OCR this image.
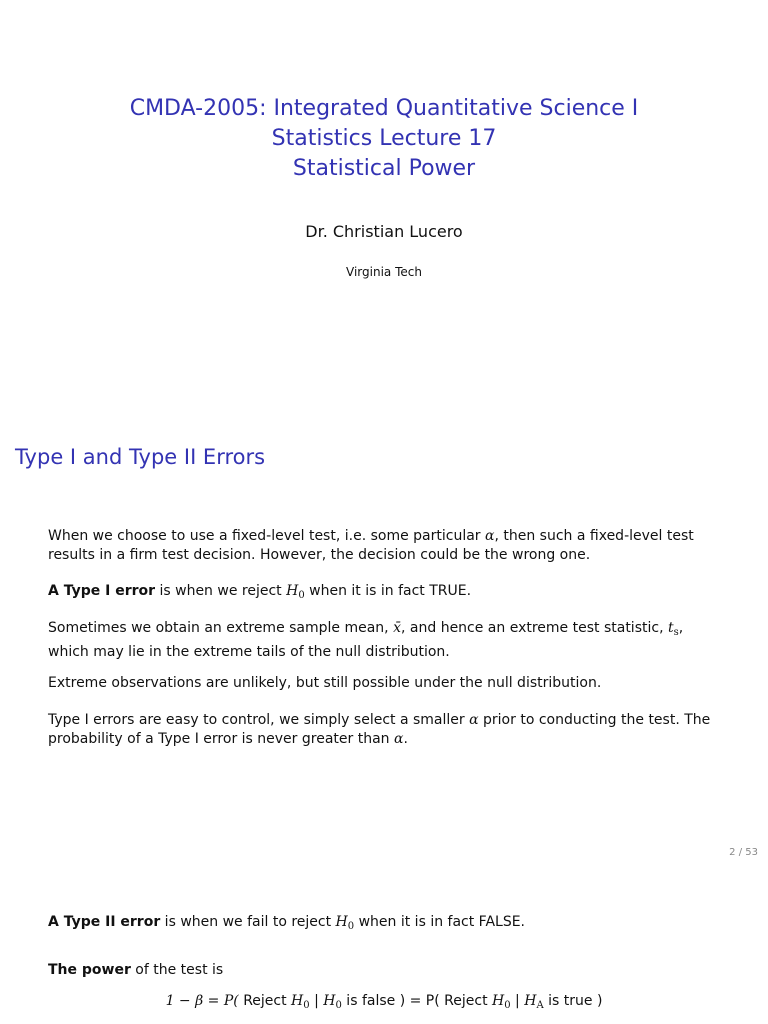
CMDA-2005: Integrated Quantitative Science I
Statistics Lecture 17
Statistical Power
Dr. Christian Lucero
Virginia Tech
Type I and Type II Errors
When we choose to use a fixed-level test, i.e. some particular α, then such a fixed-level test results in a firm test decision. However, the decision could be the wrong one.
A Type I error is when we reject $H_0$ when it is in fact TRUE.
Sometimes we obtain an extreme sample mean, x̄, and hence an extreme test statistic, $t_s$, which may lie in the extreme tails of the null distribution.
Extreme observations are unlikely, but still possible under the null distribution.
Type I errors are easy to control, we simply select a smaller α prior to conducting the test. The probability of a Type I error is never greater than α.
2 / 53
A Type II error is when we fail to reject $H_0$ when it is in fact FALSE.
The power of the test is
1 − β = P( Reject $H_0$ | $H_0$ is false ) = P( Reject $H_0$ | $H_A$ is true )
